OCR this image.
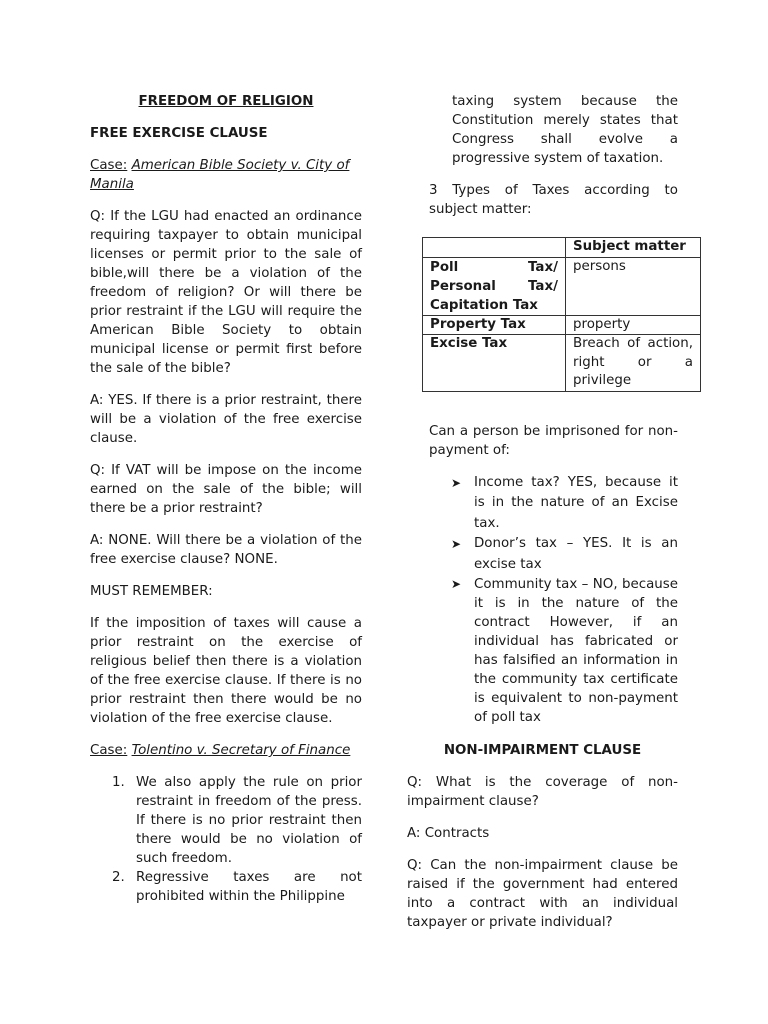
FREEDOM OF RELIGION

FREE EXERCISE CLAUSE

Case: American Bible Society v. City of Manila

Q: If the LGU had enacted an ordinance requiring taxpayer to obtain municipal licenses or permit prior to the sale of bible,will there be a violation of the freedom of religion? Or will there be prior restraint if the LGU will require the American Bible Society to obtain municipal license or permit first before the sale of the bible?

A: YES. If there is a prior restraint, there will be a violation of the free exercise clause.

Q: If VAT will be impose on the income earned on the sale of the bible; will there be a prior restraint?

A: NONE. Will there be a violation of the free exercise clause? NONE.

MUST REMEMBER:

If the imposition of taxes will cause a prior restraint on the exercise of religious belief then there is a violation of the free exercise clause. If there is no prior restraint then there would be no violation of the free exercise clause.

Case: Tolentino v. Secretary of Finance

1. We also apply the rule on prior restraint in freedom of the press. If there is no prior restraint then there would be no violation of such freedom.
2. Regressive taxes are not prohibited within the Philippine

taxing system because the Constitution merely states that Congress shall evolve a progressive system of taxation.

3 Types of Taxes according to subject matter:

	Subject matter
Poll Tax/ Personal Tax/ Capitation Tax	persons
Property Tax	property
Excise Tax	Breach of action, right or a privilege

Can a person be imprisoned for non-payment of:

➤ Income tax? YES, because it is in the nature of an Excise tax.
➤ Donor’s tax – YES. It is an excise tax
➤ Community tax – NO, because it is in the nature of the contract However, if an individual has fabricated or has falsified an information in the community tax certificate is equivalent to non-payment of poll tax

NON-IMPAIRMENT CLAUSE

Q: What is the coverage of non-impairment clause?

A: Contracts

Q: Can the non-impairment clause be raised if the government had entered into a contract with an individual taxpayer or private individual?
